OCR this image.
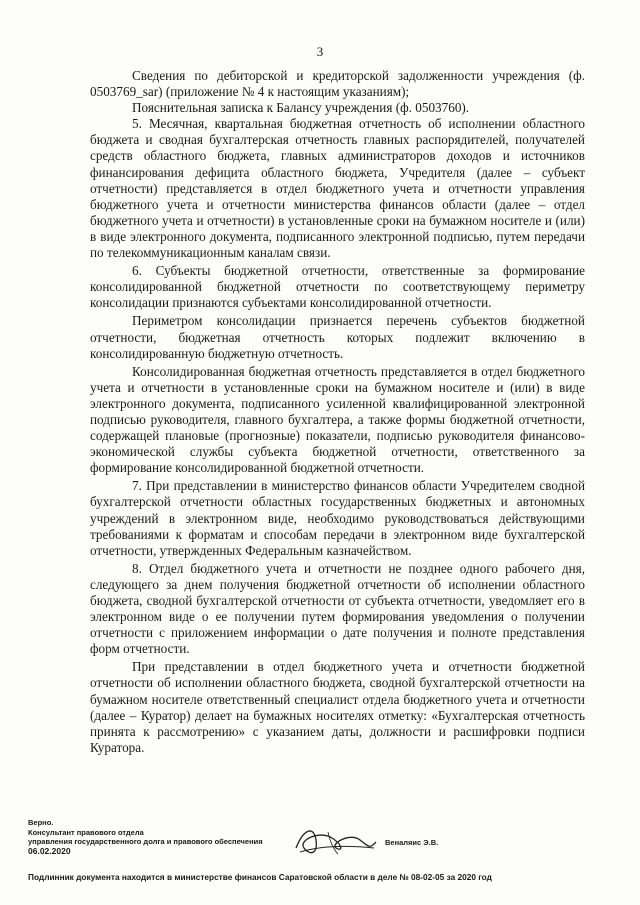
3

Сведения по дебиторской и кредиторской задолженности учреждения (ф. 0503769_sar) (приложение № 4 к настоящим указаниям);

Пояснительная записка к Балансу учреждения (ф. 0503760).

5. Месячная, квартальная бюджетная отчетность об исполнении областного бюджета и сводная бухгалтерская отчетность главных распорядителей, получателей средств областного бюджета, главных администраторов доходов и источников финансирования дефицита областного бюджета, Учредителя (далее – субъект отчетности) представляется в отдел бюджетного учета и отчетности управления бюджетного учета и отчетности министерства финансов области (далее – отдел бюджетного учета и отчетности) в установленные сроки на бумажном носителе и (или) в виде электронного документа, подписанного электронной подписью, путем передачи по телекоммуникационным каналам связи.

6. Субъекты бюджетной отчетности, ответственные за формирование консолидированной бюджетной отчетности по соответствующему периметру консолидации признаются субъектами консолидированной отчетности.

Периметром консолидации признается перечень субъектов бюджетной отчетности, бюджетная отчетность которых подлежит включению в консолидированную бюджетную отчетность.

Консолидированная бюджетная отчетность представляется в отдел бюджетного учета и отчетности в установленные сроки на бумажном носителе и (или) в виде электронного документа, подписанного усиленной квалифицированной электронной подписью руководителя, главного бухгалтера, а также формы бюджетной отчетности, содержащей плановые (прогнозные) показатели, подписью руководителя финансово-экономической службы субъекта бюджетной отчетности, ответственного за формирование консолидированной бюджетной отчетности.

7. При представлении в министерство финансов области Учредителем сводной бухгалтерской отчетности областных государственных бюджетных и автономных учреждений в электронном виде, необходимо руководствоваться действующими требованиями к форматам и способам передачи в электронном виде бухгалтерской отчетности, утвержденных Федеральным казначейством.

8. Отдел бюджетного учета и отчетности не позднее одного рабочего дня, следующего за днем получения бюджетной отчетности об исполнении областного бюджета, сводной бухгалтерской отчетности от субъекта отчетности, уведомляет его в электронном виде о ее получении путем формирования уведомления о получении отчетности с приложением информации о дате получения и полноте представления форм отчетности.

При представлении в отдел бюджетного учета и отчетности бюджетной отчетности об исполнении областного бюджета, сводной бухгалтерской отчетности на бумажном носителе ответственный специалист отдела бюджетного учета и отчетности (далее – Куратор) делает на бумажных носителях отметку: «Бухгалтерская отчетность принята к рассмотрению» с указанием даты, должности и расшифровки подписи Куратора.

Верно.
Консультант правового отдела
управления государственного долга и правового обеспечения
06.02.2020
Веналяис Э.В.
Подлинник документа находится в министерстве финансов Саратовской области в деле № 08-02-05 за 2020 год
